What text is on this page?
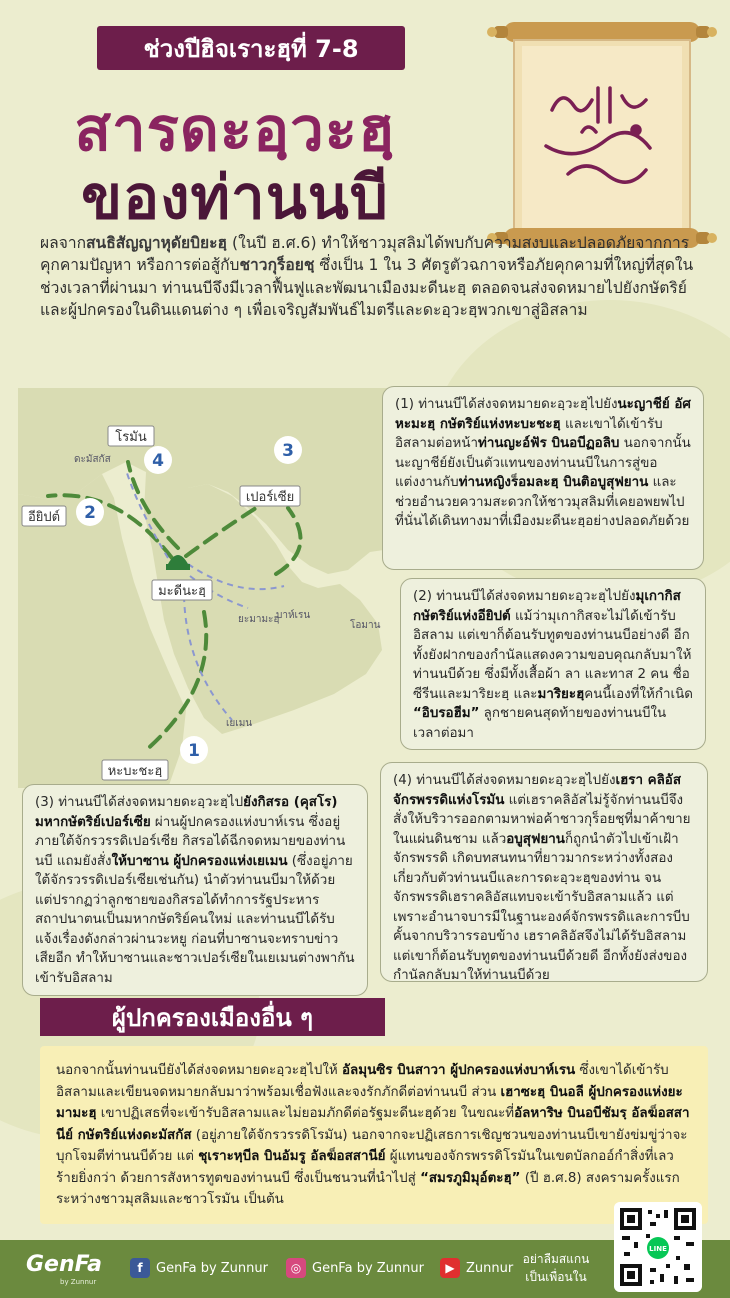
ช่วงปีฮิจเราะฮฺที่ 7-8
สารดะอฺวะฮฺ
ของท่านนบี
ผลจากสนธิสัญญาหุดัยบิยะฮฺ (ในปี ฮ.ศ.6) ทำให้ชาวมุสลิมได้พบกับความสงบและปลอดภัยจากการคุกคามปัญหา หรือการต่อสู้กับชาวกุร็อยชฺ ซึ่งเป็น 1 ใน 3 ศัตรูตัวฉกาจหรือภัยคุกคามที่ใหญ่ที่สุดในช่วงเวลาที่ผ่านมา ท่านนบีจึงมีเวลาฟื้นฟูและพัฒนาเมืองมะดีนะฮฺ ตลอดจนส่งจดหมายไปยังกษัตริย์และผู้ปกครองในดินแดนต่าง ๆ เพื่อเจริญสัมพันธ์ไมตรีและดะอฺวะฮฺพวกเขาสู่อิสลาม
โรมัน
ดะมัสกัส
อียิปต์
เปอร์เซีย
มะดีนะฮฺ
บาห์เรน
ยะมามะฮฺ
โอมาน
เยเมน
หะบะชะฮฺ
1
2
3
4
(1) ท่านนบีได้ส่งจดหมายดะอฺวะฮฺไปยังนะญาชีย์ อัศหะมะฮฺ กษัตริย์แห่งหะบะชะฮฺ และเขาได้เข้ารับอิสลามต่อหน้าท่านญะอ์ฟัร บินอบีฏอลิบ นอกจากนั้นนะญาชีย์ยังเป็นตัวแทนของท่านนบีในการสู่ขอแต่งงานกับท่านหญิงร็อมละฮฺ บินติอบูสุฟยาน และช่วยอำนวยความสะดวกให้ชาวมุสลิมที่เคยอพยพไปที่นั่นได้เดินทางมาที่เมืองมะดีนะฮฺอย่างปลอดภัยด้วย
(2) ท่านนบีได้ส่งจดหมายดะอฺวะฮฺไปยังมุเกากิส กษัตริย์แห่งอียิปต์ แม้ว่ามุเกากิสจะไม่ได้เข้ารับอิสลาม แต่เขาก็ต้อนรับทูตของท่านนบีอย่างดี อีกทั้งยังฝากของกำนัลแสดงความขอบคุณกลับมาให้ท่านนบีด้วย ซึ่งมีทั้งเสื้อผ้า ลา และทาส 2 คน ชื่อซีรีนและมาริยะฮฺ และมาริยะฮฺคนนี้เองที่ให้กำเนิด “อิบรอฮีม” ลูกชายคนสุดท้ายของท่านนบีในเวลาต่อมา
(3) ท่านนบีได้ส่งจดหมายดะอฺวะฮฺไปยังกิสรอ (คุสโร) มหากษัตริย์เปอร์เซีย ผ่านผู้ปกครองแห่งบาห์เรน ซึ่งอยู่ภายใต้จักรวรรดิเปอร์เซีย กิสรอได้ฉีกจดหมายของท่านนบี แถมยังสั่งให้บาซาน ผู้ปกครองแห่งเยเมน (ซึ่งอยู่ภายใต้จักรวรรดิเปอร์เซียเช่นกัน) นำตัวท่านนบีมาให้ด้วย แต่ปรากฏว่าลูกชายของกิสรอได้ทำการรัฐประหารสถาปนาตนเป็นมหากษัตริย์คนใหม่ และท่านนบีได้รับแจ้งเรื่องดังกล่าวผ่านวะหยู ก่อนที่บาซานจะทราบข่าวเสียอีก ทำให้บาซานและชาวเปอร์เซียในเยเมนต่างพากันเข้ารับอิสลาม
(4) ท่านนบีได้ส่งจดหมายดะอฺวะฮฺไปยังเฮรา คลิอัส จักรพรรดิแห่งโรมัน แต่เฮราคลิอัสไม่รู้จักท่านนบีจึงสั่งให้บริวารออกตามหาพ่อค้าชาวกุร็อยชฺที่มาค้าขายในแผ่นดินชาม แล้วอบูสุฟยานก็ถูกนำตัวไปเข้าเฝ้าจักรพรรดิ เกิดบทสนทนาที่ยาวมากระหว่างทั้งสองเกี่ยวกับตัวท่านนบีและการดะอฺวะฮฺของท่าน จนจักรพรรดิเฮราคลิอัสแทบจะเข้ารับอิสลามแล้ว แต่เพราะอำนาจบารมีในฐานะองค์จักรพรรดิและการบีบคั้นจากบริวารรอบข้าง เฮราคลิอัสจึงไม่ได้รับอิสลาม แต่เขาก็ต้อนรับทูตของท่านนบีด้วยดี อีกทั้งยังส่งของกำนัลกลับมาให้ท่านนบีด้วย
ผู้ปกครองเมืองอื่น ๆ
นอกจากนั้นท่านนบียังได้ส่งจดหมายดะอฺวะฮฺไปให้ อัลมุนซิร บินสาวา ผู้ปกครองแห่งบาห์เรน ซึ่งเขาได้เข้ารับอิสลามและเขียนจดหมายกลับมาว่าพร้อมเชื่อฟังและจงรักภักดีต่อท่านนบี ส่วน เฮาซะฮฺ บินอลี ผู้ปกครองแห่งยะมามะฮฺ เขาปฏิเสธที่จะเข้ารับอิสลามและไม่ยอมภักดีต่อรัฐมะดีนะฮฺด้วย ในขณะที่อัลหาริษ บินอบีชัมรฺ อัลฆ็อสสานีย์ กษัตริย์แห่งดะมัสกัส (อยู่ภายใต้จักรวรรดิโรมัน) นอกจากจะปฏิเสธการเชิญชวนของท่านนบีเขายังข่มขู่ว่าจะบุกโจมตีท่านนบีด้วย แต่ ชุเราะหฺบีล บินอัมรู อัลฆ็อสสานีย์ ผู้แทนของจักรพรรดิโรมันในเขตบัลกออ์กำสิ่งที่เลวร้ายยิ่งกว่า ด้วยการสังหารทูตของท่านนบี ซึ่งเป็นชนวนที่นำไปสู่ “สมรภูมิมุอ์ตะฮฺ” (ปี ฮ.ศ.8) สงครามครั้งแรกระหว่างชาวมุสลิมและชาวโรมัน เป็นต้น
GenFa
by Zunnur
f	GenFa by Zunnur	◎ GenFa by Zunnur	▶ Zunnur
อย่าลืมสแกน
เป็นเพื่อนใน
LINE
